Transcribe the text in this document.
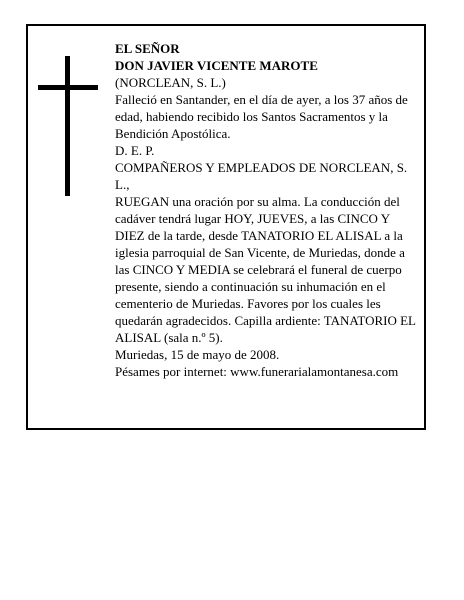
EL SEÑOR

DON JAVIER VICENTE MAROTE

(NORCLEAN, S. L.)

Falleció en Santander, en el día de ayer, a los 37 años de edad, habiendo recibido los Santos Sacramentos y la Bendición Apostólica.

D. E. P.

COMPAÑEROS Y EMPLEADOS DE NORCLEAN, S. L.,

RUEGAN una oración por su alma. La conducción del cadáver tendrá lugar HOY, JUEVES, a las CINCO Y DIEZ de la tarde, desde TANATORIO EL ALISAL a la iglesia parroquial de San Vicente, de Muriedas, donde a las CINCO Y MEDIA se celebrará el funeral de cuerpo presente, siendo a continuación su inhumación en el cementerio de Muriedas. Favores por los cuales les quedarán agradecidos. Capilla ardiente: TANATORIO EL ALISAL (sala n.º 5).

Muriedas, 15 de mayo de 2008.

Pésames por internet: www.funerarialamontanesa.com
